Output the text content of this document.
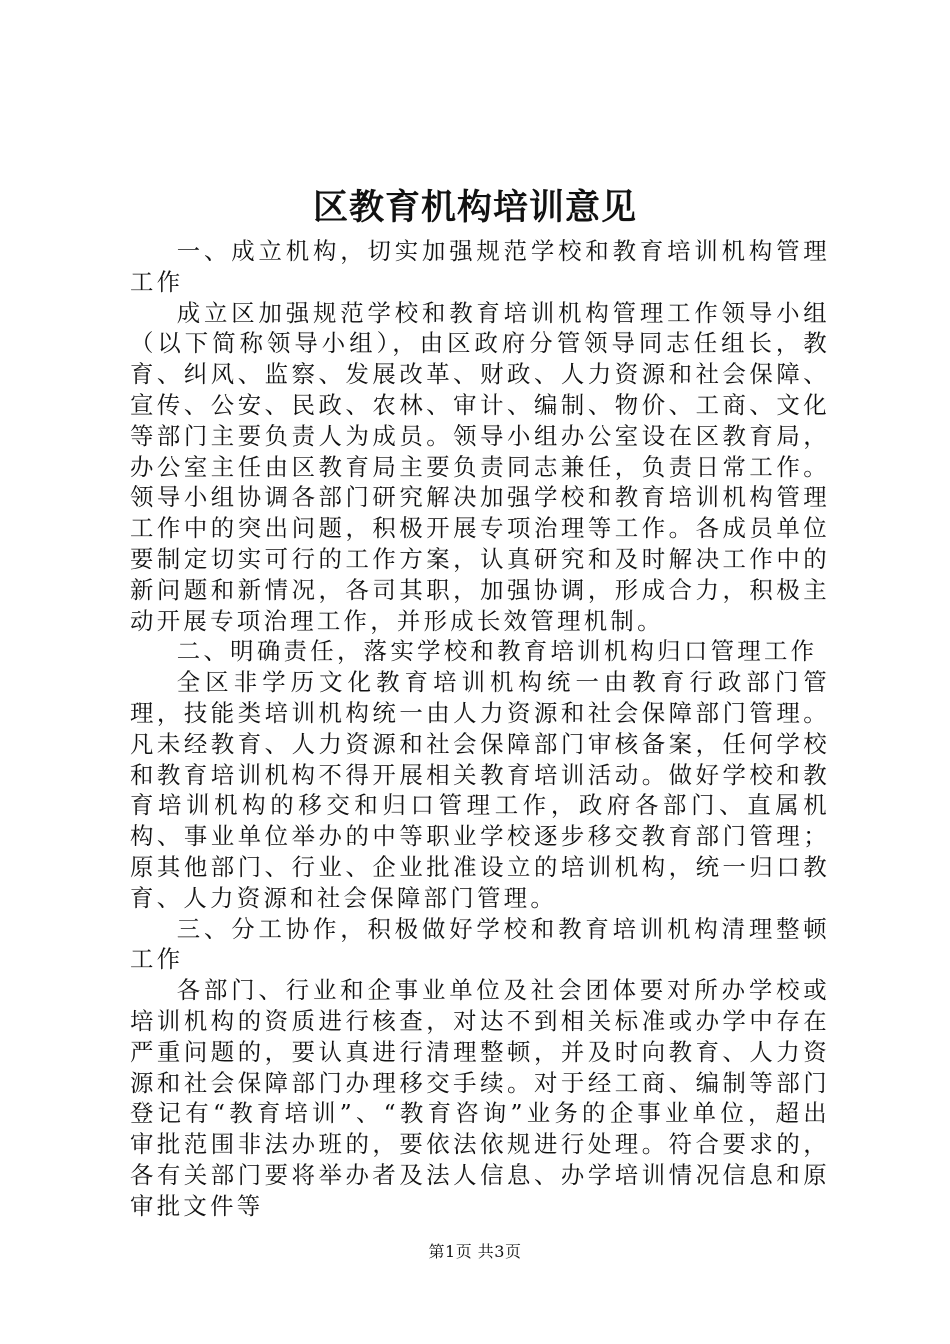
区教育机构培训意见

一、成立机构，切实加强规范学校和教育培训机构管理工作

成立区加强规范学校和教育培训机构管理工作领导小组（以下简称领导小组），由区政府分管领导同志任组长，教育、纠风、监察、发展改革、财政、人力资源和社会保障、宣传、公安、民政、农林、审计、编制、物价、工商、文化等部门主要负责人为成员。领导小组办公室设在区教育局，办公室主任由区教育局主要负责同志兼任，负责日常工作。领导小组协调各部门研究解决加强学校和教育培训机构管理工作中的突出问题，积极开展专项治理等工作。各成员单位要制定切实可行的工作方案，认真研究和及时解决工作中的新问题和新情况，各司其职，加强协调，形成合力，积极主动开展专项治理工作，并形成长效管理机制。

二、明确责任，落实学校和教育培训机构归口管理工作

全区非学历文化教育培训机构统一由教育行政部门管理，技能类培训机构统一由人力资源和社会保障部门管理。凡未经教育、人力资源和社会保障部门审核备案，任何学校和教育培训机构不得开展相关教育培训活动。做好学校和教育培训机构的移交和归口管理工作，政府各部门、直属机构、事业单位举办的中等职业学校逐步移交教育部门管理；原其他部门、行业、企业批准设立的培训机构，统一归口教育、人力资源和社会保障部门管理。

三、分工协作，积极做好学校和教育培训机构清理整顿工作

各部门、行业和企事业单位及社会团体要对所办学校或培训机构的资质进行核查，对达不到相关标准或办学中存在严重问题的，要认真进行清理整顿，并及时向教育、人力资源和社会保障部门办理移交手续。对于经工商、编制等部门登记有“教育培训”、“教育咨询”业务的企事业单位，超出审批范围非法办班的，要依法依规进行处理。符合要求的，各有关部门要将举办者及法人信息、办学培训情况信息和原审批文件等

第1页 共3页
